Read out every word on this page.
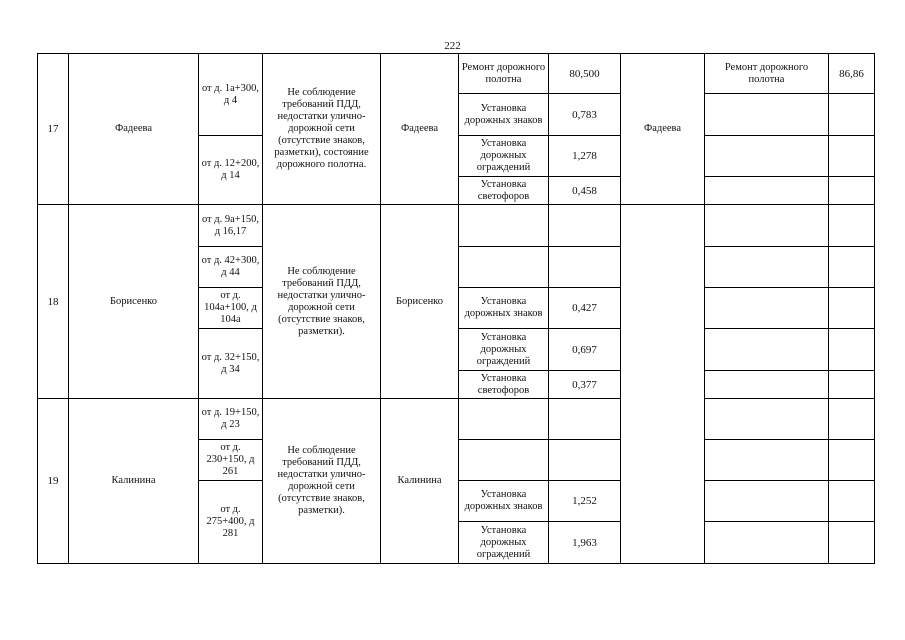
222
17	Фадеева	от д. 1а+300, д 4	Не соблюдение требований ПДД, недостатки улично-дорожной сети (отсутствие знаков, разметки), состояние дорожного полотна.	Фадеева	Ремонт дорожного полотна	80,500	Фадеева	Ремонт дорожного полотна	86,86
					Установка дорожных знаков	0,783			
		от д. 12+200, д 14			Установка дорожных ограждений	1,278			
					Установка светофоров	0,458			
18	Борисенко	от д. 9а+150, д 16,17	Не соблюдение требований ПДД, недостатки улично-дорожной сети (отсутствие знаков, разметки).	Борисенко					
		от д. 42+300, д 44							
		от д. 104а+100, д 104а			Установка дорожных знаков	0,427			
		от д. 32+150, д 34			Установка дорожных ограждений	0,697			
					Установка светофоров	0,377			
19	Калинина	от д. 19+150, д 23	Не соблюдение требований ПДД, недостатки улично-дорожной сети (отсутствие знаков, разметки).	Калинина					
		от д. 230+150, д 261							
		от д. 275+400, д 281			Установка дорожных знаков	1,252			
					Установка дорожных ограждений	1,963			
